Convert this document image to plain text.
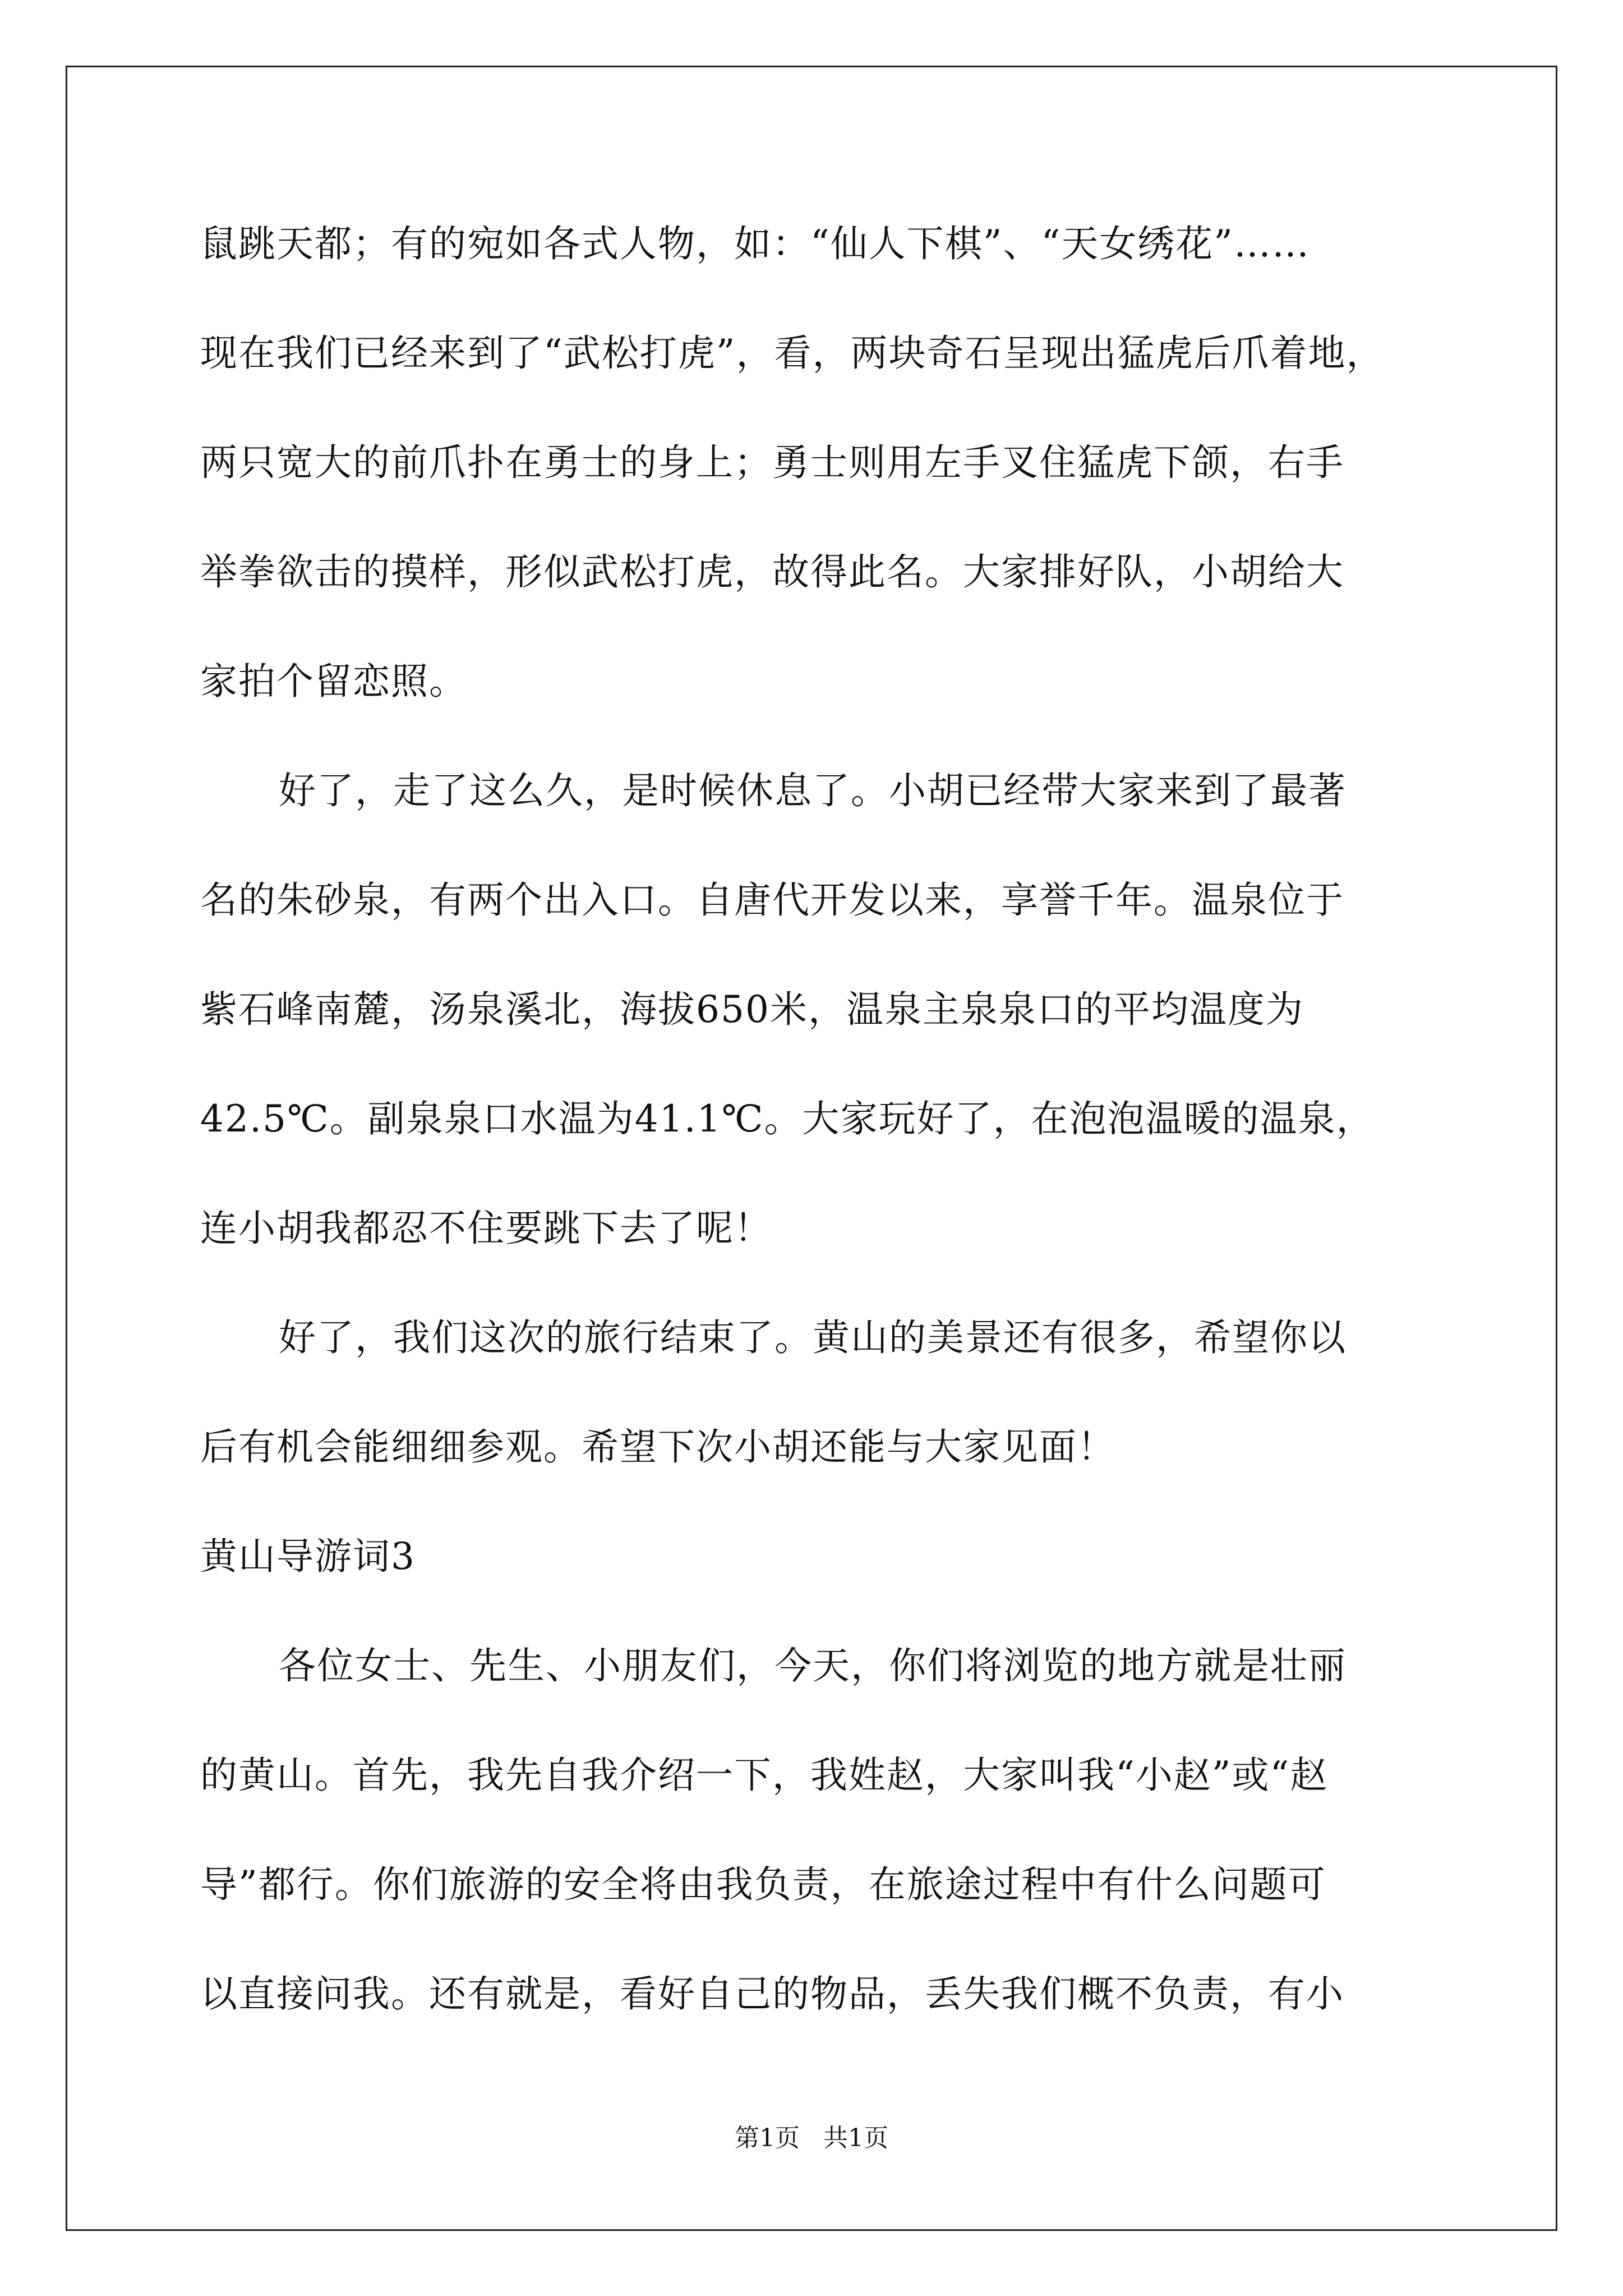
鼠跳天都；有的宛如各式人物，如：“仙人下棋”、“天女绣花”……
现在我们已经来到了“武松打虎”，看，两块奇石呈现出猛虎后爪着地，
两只宽大的前爪扑在勇士的身上；勇士则用左手叉住猛虎下颌，右手
举拳欲击的摸样，形似武松打虎，故得此名。大家排好队，小胡给大
家拍个留恋照。
好了，走了这么久，是时候休息了。小胡已经带大家来到了最著
名的朱砂泉，有两个出入口。自唐代开发以来，享誉千年。温泉位于
紫石峰南麓，汤泉溪北，海拔650米，温泉主泉泉口的平均温度为
42.5℃。副泉泉口水温为41.1℃。大家玩好了，在泡泡温暖的温泉，
连小胡我都忍不住要跳下去了呢！
好了，我们这次的旅行结束了。黄山的美景还有很多，希望你以
后有机会能细细参观。希望下次小胡还能与大家见面！
黄山导游词3
各位女士、先生、小朋友们，今天，你们将浏览的地方就是壮丽
的黄山。首先，我先自我介绍一下，我姓赵，大家叫我“小赵”或“赵
导”都行。你们旅游的安全将由我负责，在旅途过程中有什么问题可
以直接问我。还有就是，看好自己的物品，丢失我们概不负责，有小
第1页   共1页
